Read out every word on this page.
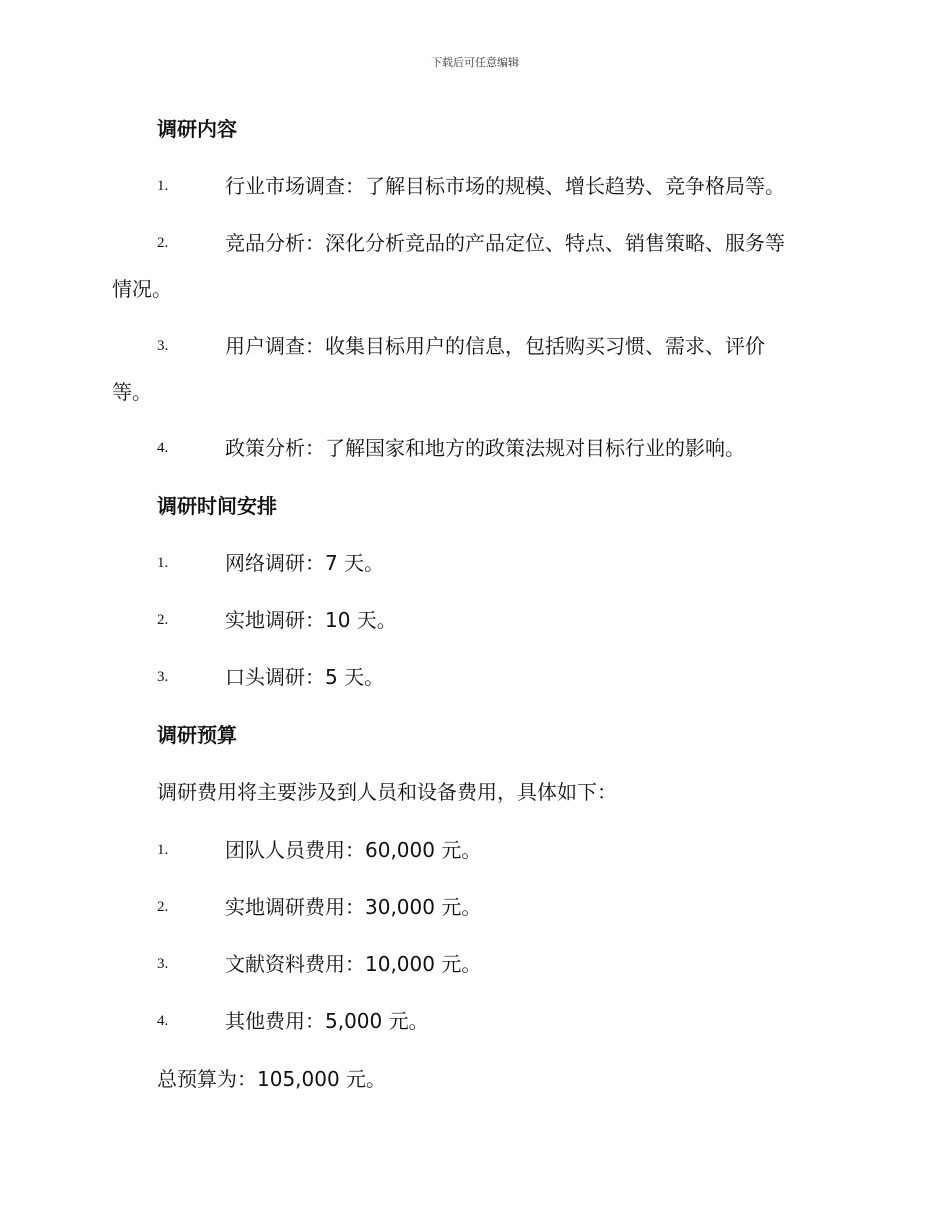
下载后可任意编辑
调研内容
1.	行业市场调查：了解目标市场的规模、增长趋势、竞争格局等。
2.	竞品分析：深化分析竞品的产品定位、特点、销售策略、服务等
情况。
3.	用户调查：收集目标用户的信息，包括购买习惯、需求、评价
等。
4.	政策分析：了解国家和地方的政策法规对目标行业的影响。
调研时间安排
1.	网络调研：7 天。
2.	实地调研：10 天。
3.	口头调研：5 天。
调研预算

调研费用将主要涉及到人员和设备费用，具体如下：

1.	团队人员费用：60,000 元。
2.	实地调研费用：30,000 元。
3.	文献资料费用：10,000 元。
4.	其他费用：5,000 元。

总预算为：105,000 元。
